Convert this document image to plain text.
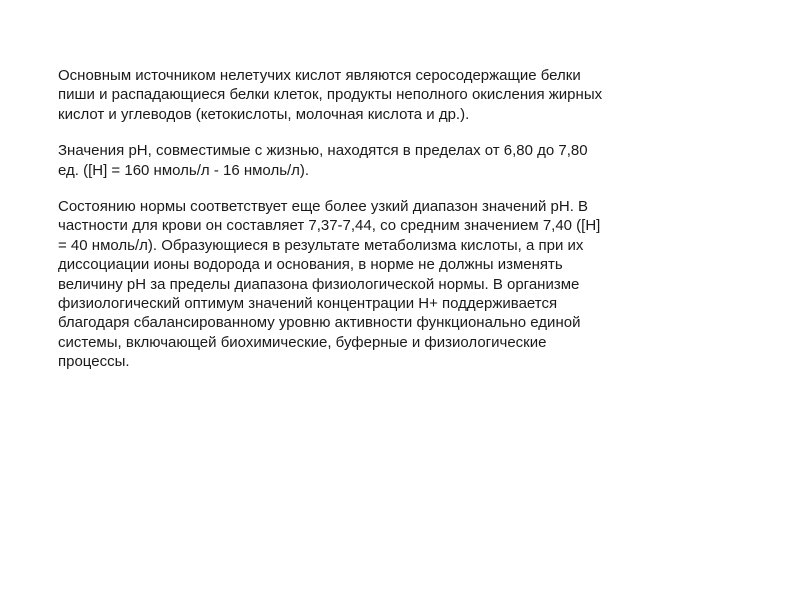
Основным источником нелетучих кислот являются серосодержащие белки
пиши и распадающиеся белки клеток, продукты неполного окисления жирных
кислот и углеводов (кетокислоты, молочная кислота и др.).

Значения рН, совместимые с жизнью, находятся в пределах от 6,80 до 7,80
ед. ([Н] = 160 нмоль/л - 16 нмоль/л).

Состоянию нормы соответствует еще более узкий диапазон значений рН. В
частности для крови он составляет 7,37-7,44, со средним значением 7,40 ([Н]
= 40 нмоль/л). Образующиеся в результате метаболизма кислоты, а при их
диссоциации ионы водорода и основания, в норме не должны изменять
величину рН за пределы диапазона физиологической нормы. В организме
физиологический оптимум значений концентрации Н+ поддерживается
благодаря сбалансированному уровню активности функционально единой
системы, включающей биохимические, буферные и физиологические
процессы.
